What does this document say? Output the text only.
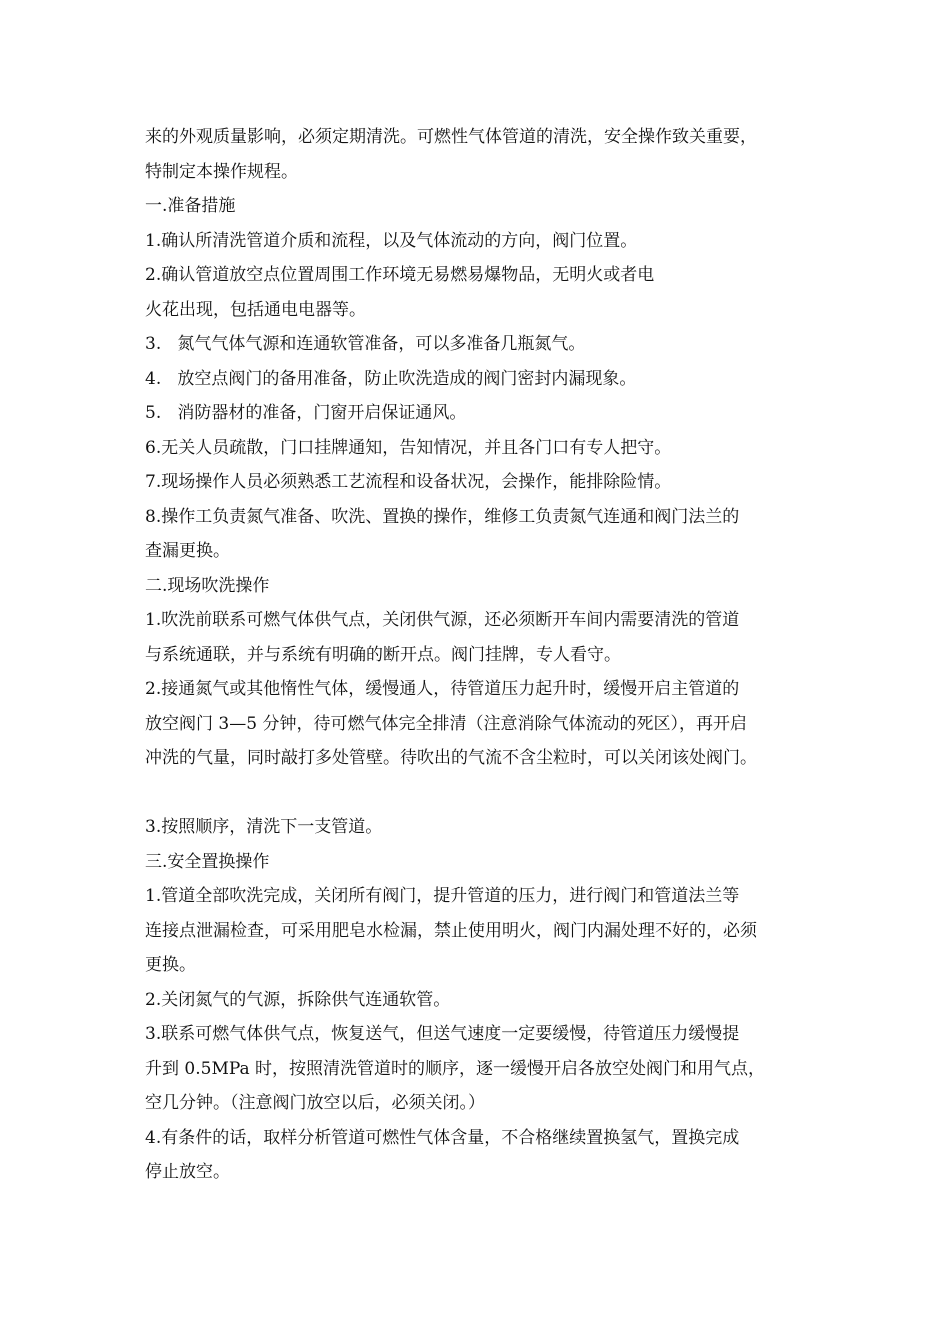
来的外观质量影响，必须定期清洗。可燃性气体管道的清洗，安全操作致关重要，
特制定本操作规程。
一.准备措施
1.确认所清洗管道介质和流程，以及气体流动的方向，阀门位置。
2.确认管道放空点位置周围工作环境无易燃易爆物品，无明火或者电
火花出现，包括通电电器等。
3.   氮气气体气源和连通软管准备，可以多准备几瓶氮气。
4.   放空点阀门的备用准备，防止吹洗造成的阀门密封内漏现象。
5.   消防器材的准备，门窗开启保证通风。
6.无关人员疏散，门口挂牌通知，告知情况，并且各门口有专人把守。
7.现场操作人员必须熟悉工艺流程和设备状况，会操作，能排除险情。
8.操作工负责氮气准备、吹洗、置换的操作，维修工负责氮气连通和阀门法兰的
查漏更换。
二.现场吹洗操作
1.吹洗前联系可燃气体供气点，关闭供气源，还必须断开车间内需要清洗的管道
与系统通联，并与系统有明确的断开点。阀门挂牌，专人看守。
2.接通氮气或其他惰性气体，缓慢通人，待管道压力起升时，缓慢开启主管道的
放空阀门 3—5 分钟，待可燃气体完全排清（注意消除气体流动的死区），再开启
冲洗的气量，同时敲打多处管壁。待吹出的气流不含尘粒时，可以关闭该处阀门。
3.按照顺序，清洗下一支管道。
三.安全置换操作
1.管道全部吹洗完成，关闭所有阀门，提升管道的压力，进行阀门和管道法兰等
连接点泄漏检查，可采用肥皂水检漏，禁止使用明火，阀门内漏处理不好的，必须
更换。
2.关闭氮气的气源，拆除供气连通软管。
3.联系可燃气体供气点，恢复送气，但送气速度一定要缓慢，待管道压力缓慢提
升到 0.5MPa 时，按照清洗管道时的顺序，逐一缓慢开启各放空处阀门和用气点，
空几分钟。（注意阀门放空以后，必须关闭。）
4.有条件的话，取样分析管道可燃性气体含量，不合格继续置换氢气，置换完成
停止放空。
